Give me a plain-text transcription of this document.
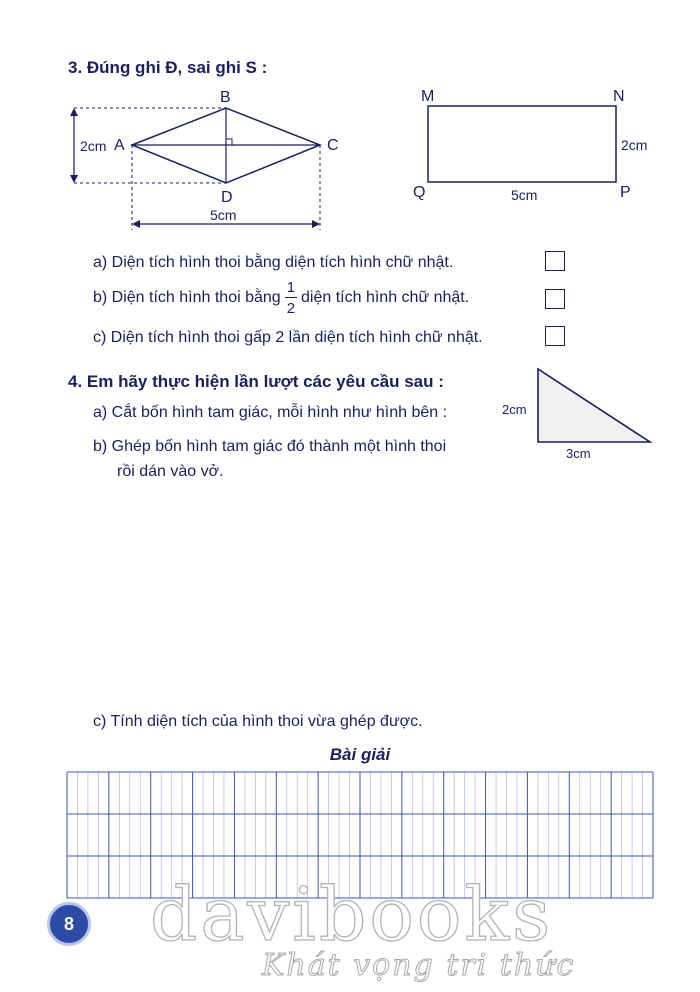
3. Đúng ghi Đ, sai ghi S :
A
B
C
D
2cm
5cm
M	N
P
Q
2cm
5cm
a) Diện tích hình thoi bằng diện tích hình chữ nhật.
b) Diện tích hình thoi bằng $\frac{1}{2}$ diện tích hình chữ nhật.
c) Diện tích hình thoi gấp 2 lần diện tích hình chữ nhật.
4. Em hãy thực hiện lần lượt các yêu cầu sau :
a) Cắt bốn hình tam giác, mỗi hình như hình bên :
b) Ghép bốn hình tam giác đó thành một hình thoi
rồi dán vào vở.
2cm
3cm
c) Tính diện tích của hình thoi vừa ghép được.
Bài giải
8 davibooks
Khát vọng tri thức
